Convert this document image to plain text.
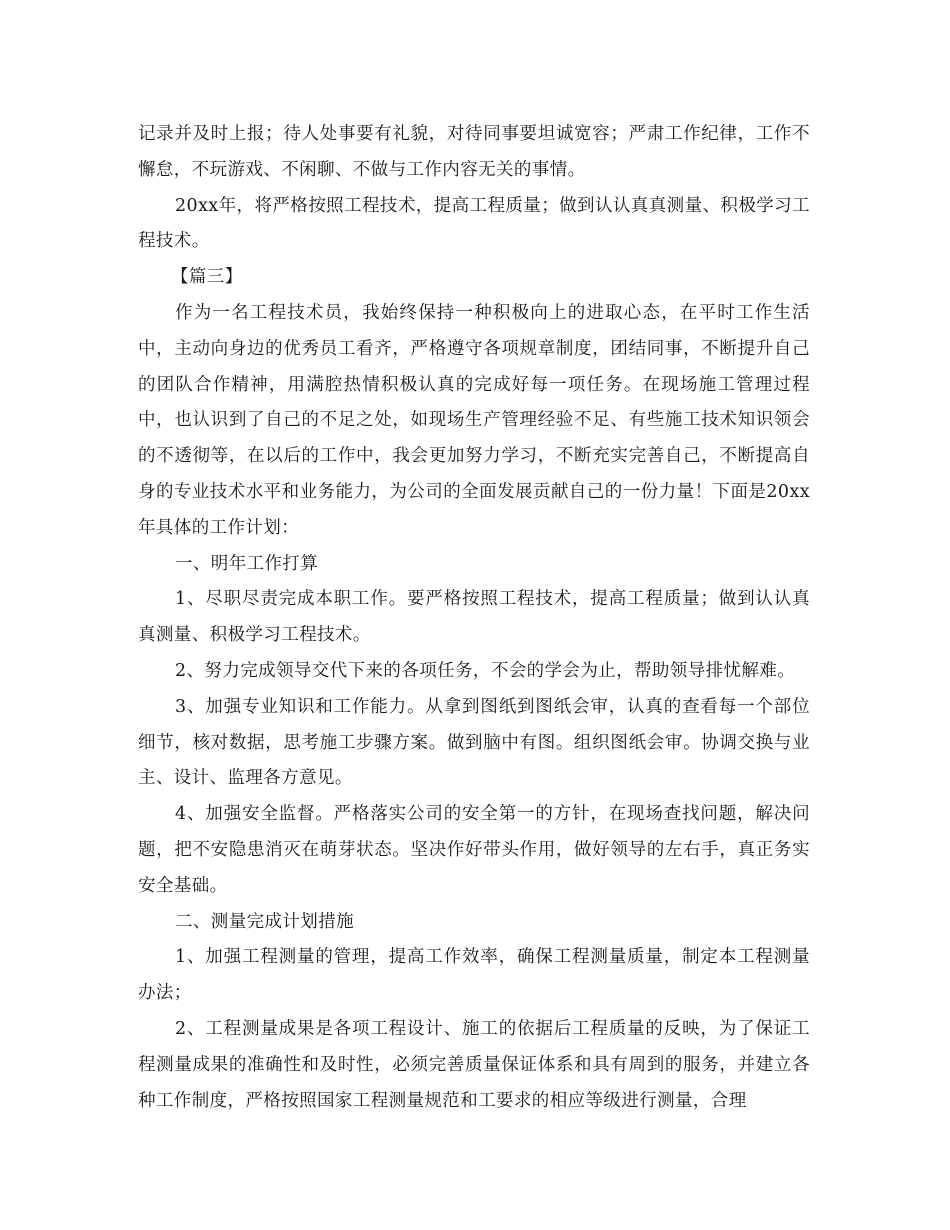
记录并及时上报；待人处事要有礼貌，对待同事要坦诚宽容；严肃工作纪律，工作不懈怠，不玩游戏、不闲聊、不做与工作内容无关的事情。

20xx年，将严格按照工程技术，提高工程质量；做到认认真真测量、积极学习工程技术。

【篇三】

作为一名工程技术员，我始终保持一种积极向上的进取心态，在平时工作生活中，主动向身边的优秀员工看齐，严格遵守各项规章制度，团结同事，不断提升自己的团队合作精神，用满腔热情积极认真的完成好每一项任务。在现场施工管理过程中，也认识到了自己的不足之处，如现场生产管理经验不足、有些施工技术知识领会的不透彻等，在以后的工作中，我会更加努力学习，不断充实完善自己，不断提高自身的专业技术水平和业务能力，为公司的全面发展贡献自己的一份力量！下面是20xx年具体的工作计划：

一、明年工作打算

1、尽职尽责完成本职工作。要严格按照工程技术，提高工程质量；做到认认真真测量、积极学习工程技术。

2、努力完成领导交代下来的各项任务，不会的学会为止，帮助领导排忧解难。

3、加强专业知识和工作能力。从拿到图纸到图纸会审，认真的查看每一个部位细节，核对数据，思考施工步骤方案。做到脑中有图。组织图纸会审。协调交换与业主、设计、监理各方意见。

4、加强安全监督。严格落实公司的安全第一的方针，在现场查找问题，解决问题，把不安隐患消灭在萌芽状态。坚决作好带头作用，做好领导的左右手，真正务实安全基础。

二、测量完成计划措施

1、加强工程测量的管理，提高工作效率，确保工程测量质量，制定本工程测量办法；

2、工程测量成果是各项工程设计、施工的依据后工程质量的反映，为了保证工程测量成果的准确性和及时性，必须完善质量保证体系和具有周到的服务，并建立各种工作制度，严格按照国家工程测量规范和工要求的相应等级进行测量，合理
